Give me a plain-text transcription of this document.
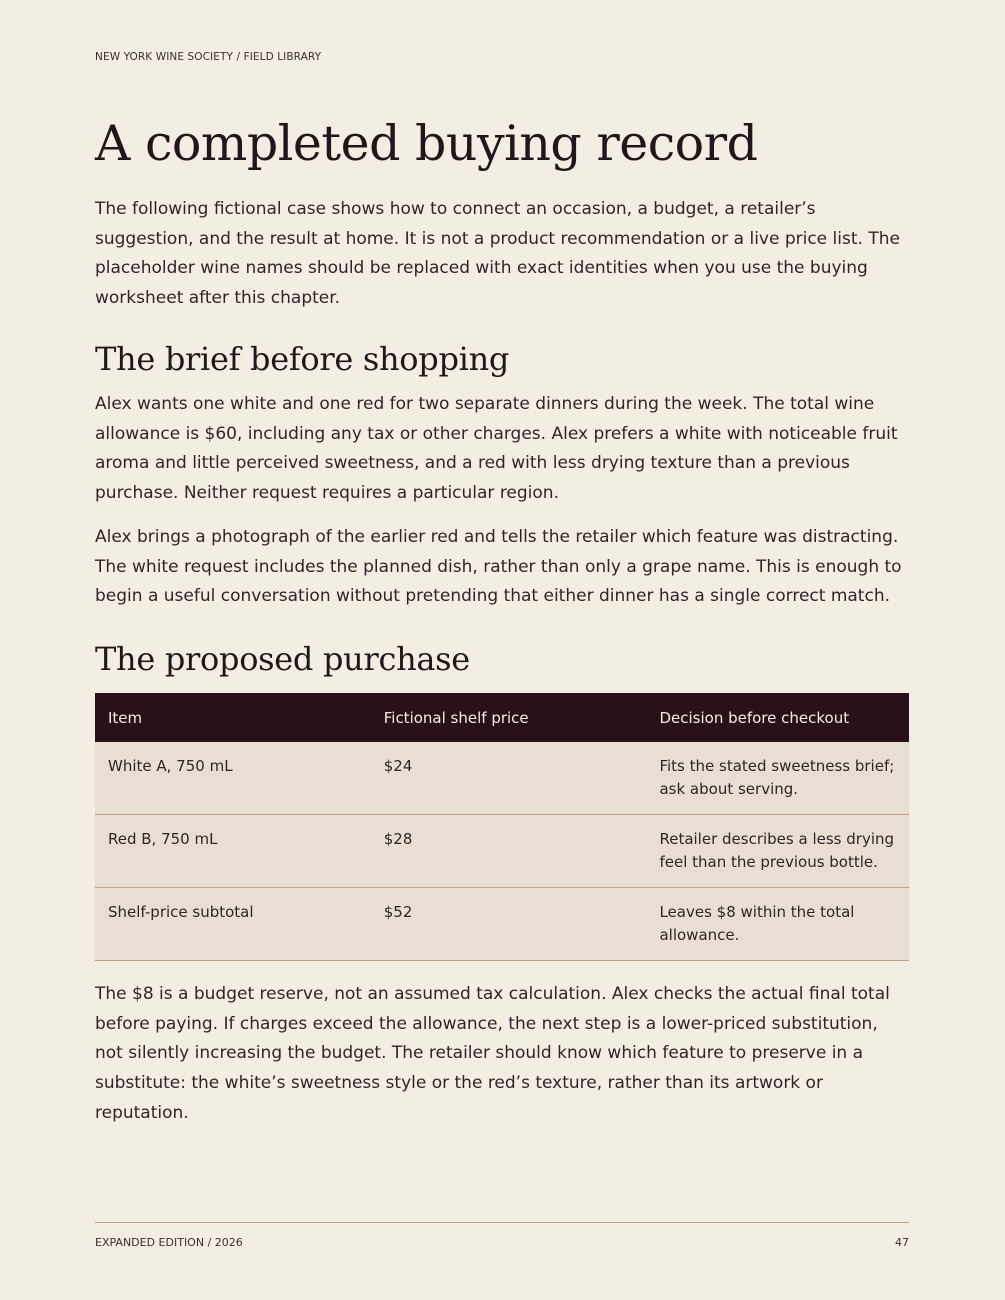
NEW YORK WINE SOCIETY / FIELD LIBRARY
A completed buying record

The following fictional case shows how to connect an occasion, a budget, a retailer’s suggestion, and the result at home. It is not a product recommendation or a live price list. The placeholder wine names should be replaced with exact identities when you use the buying worksheet after this chapter.

The brief before shopping

Alex wants one white and one red for two separate dinners during the week. The total wine allowance is $60, including any tax or other charges. Alex prefers a white with noticeable fruit aroma and little perceived sweetness, and a red with less drying texture than a previous purchase. Neither request requires a particular region.

Alex brings a photograph of the earlier red and tells the retailer which feature was distracting. The white request includes the planned dish, rather than only a grape name. This is enough to begin a useful conversation without pretending that either dinner has a single correct match.

The proposed purchase
Item	Fictional shelf price	Decision before checkout
White A, 750 mL	$24	Fits the stated sweetness brief; ask about serving.
Red B, 750 mL	$28	Retailer describes a less drying feel than the previous bottle.
Shelf-price subtotal	$52	Leaves $8 within the total allowance.

The $8 is a budget reserve, not an assumed tax calculation. Alex checks the actual final total before paying. If charges exceed the allowance, the next step is a lower-priced substitution, not silently increasing the budget. The retailer should know which feature to preserve in a substitute: the white’s sweetness style or the red’s texture, rather than its artwork or reputation.

EXPANDED EDITION / 2026	47
